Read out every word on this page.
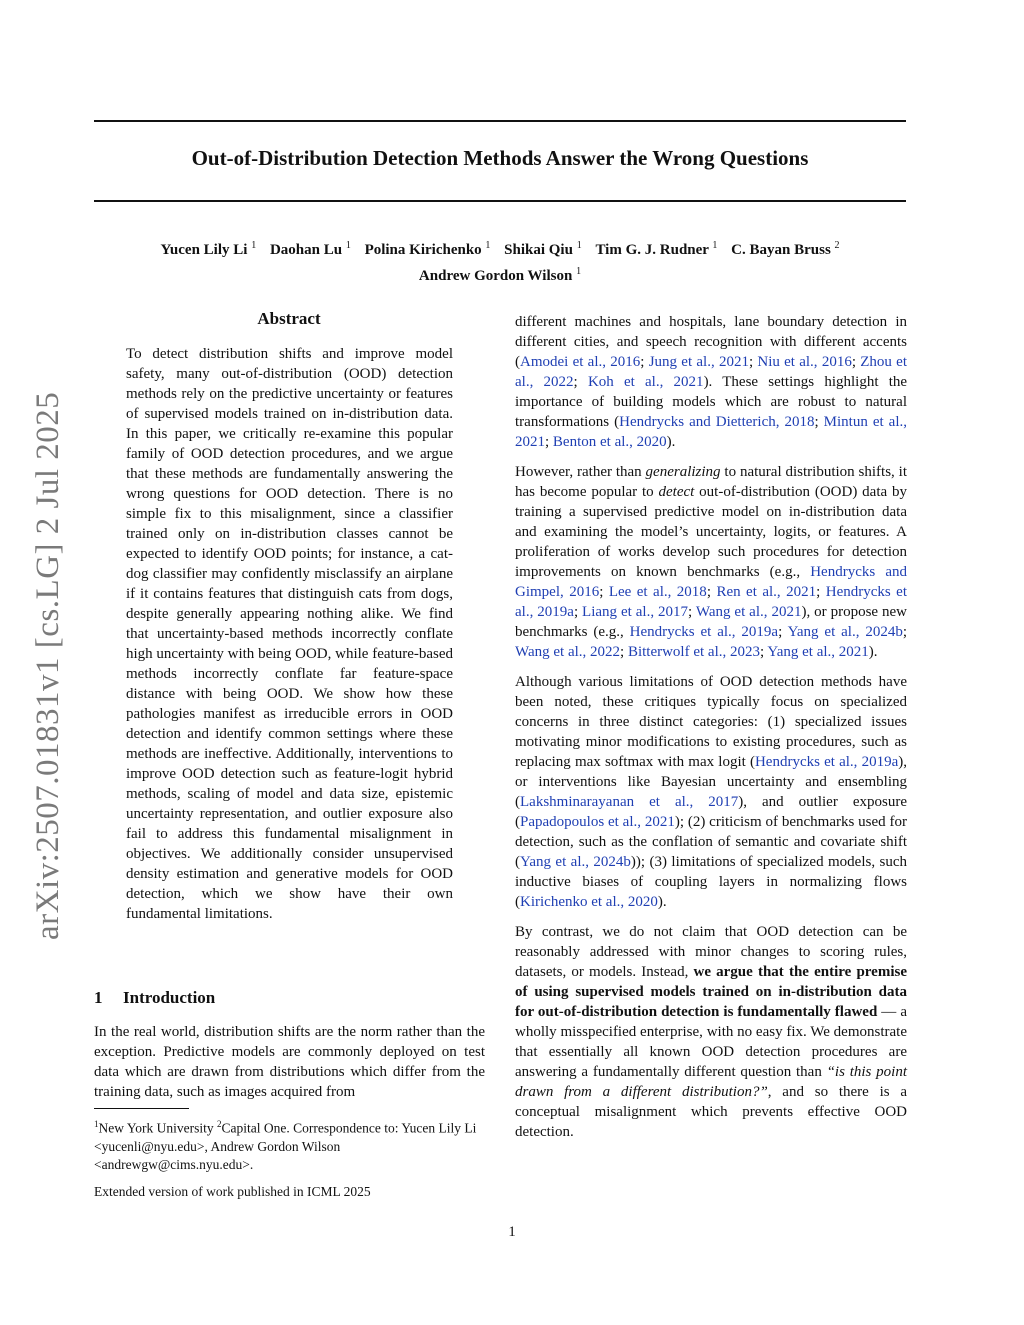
arXiv:2507.01831v1 [cs.LG] 2 Jul 2025
Out-of-Distribution Detection Methods Answer the Wrong Questions
Yucen Lily Li $^1$ Daohan Lu $^1$ Polina Kirichenko $^1$ Shikai Qiu $^1$ Tim G. J. Rudner $^1$ C. Bayan Bruss $^2$
Andrew Gordon Wilson $^1$
Abstract
To detect distribution shifts and improve model safety, many out-of-distribution (OOD) detection methods rely on the predictive uncertainty or features of supervised models trained on in-distribution data. In this paper, we critically re-examine this popular family of OOD detection procedures, and we argue that these methods are fundamentally answering the wrong questions for OOD detection. There is no simple fix to this misalignment, since a classifier trained only on in-distribution classes cannot be expected to identify OOD points; for instance, a cat-dog classifier may confidently misclassify an airplane if it contains features that distinguish cats from dogs, despite generally appearing nothing alike. We find that uncertainty-based methods incorrectly conflate high uncertainty with being OOD, while feature-based methods incorrectly conflate far feature-space distance with being OOD. We show how these pathologies manifest as irreducible errors in OOD detection and identify common settings where these methods are ineffective. Additionally, interventions to improve OOD detection such as feature-logit hybrid methods, scaling of model and data size, epistemic uncertainty representation, and outlier exposure also fail to address this fundamental misalignment in objectives. We additionally consider unsupervised density estimation and generative models for OOD detection, which we show have their own fundamental limitations.
1 Introduction

In the real world, distribution shifts are the norm rather than the exception. Predictive models are commonly deployed on test data which are drawn from distributions which differ from the training data, such as images acquired from

$^1$New York University $^2$Capital One. Correspondence to: Yucen Lily Li <yucenli@nyu.edu>, Andrew Gordon Wilson <andrewgw@cims.nyu.edu>.
Extended version of work published in ICML 2025

different machines and hospitals, lane boundary detection in different cities, and speech recognition with different accents (Amodei et al., 2016; Jung et al., 2021; Niu et al., 2016; Zhou et al., 2022; Koh et al., 2021). These settings highlight the importance of building models which are robust to natural transformations (Hendrycks and Dietterich, 2018; Mintun et al., 2021; Benton et al., 2020).

However, rather than generalizing to natural distribution shifts, it has become popular to detect out-of-distribution (OOD) data by training a supervised predictive model on in-distribution data and examining the model’s uncertainty, logits, or features. A proliferation of works develop such procedures for detection improvements on known benchmarks (e.g., Hendrycks and Gimpel, 2016; Lee et al., 2018; Ren et al., 2021; Hendrycks et al., 2019a; Liang et al., 2017; Wang et al., 2021), or propose new benchmarks (e.g., Hendrycks et al., 2019a; Yang et al., 2024b; Wang et al., 2022; Bitterwolf et al., 2023; Yang et al., 2021).

Although various limitations of OOD detection methods have been noted, these critiques typically focus on specialized concerns in three distinct categories: (1) specialized issues motivating minor modifications to existing procedures, such as replacing max softmax with max logit (Hendrycks et al., 2019a), or interventions like Bayesian uncertainty and ensembling (Lakshminarayanan et al., 2017), and outlier exposure (Papadopoulos et al., 2021); (2) criticism of benchmarks used for detection, such as the conflation of semantic and covariate shift (Yang et al., 2024b)); (3) limitations of specialized models, such inductive biases of coupling layers in normalizing flows (Kirichenko et al., 2020).

By contrast, we do not claim that OOD detection can be reasonably addressed with minor changes to scoring rules, datasets, or models. Instead, we argue that the entire premise of using supervised models trained on in-distribution data for out-of-distribution detection is fundamentally flawed — a wholly misspecified enterprise, with no easy fix. We demonstrate that essentially all known OOD detection procedures are answering a fundamentally different question than “is this point drawn from a different distribution?”, and so there is a conceptual misalignment which prevents effective OOD detection.

1
